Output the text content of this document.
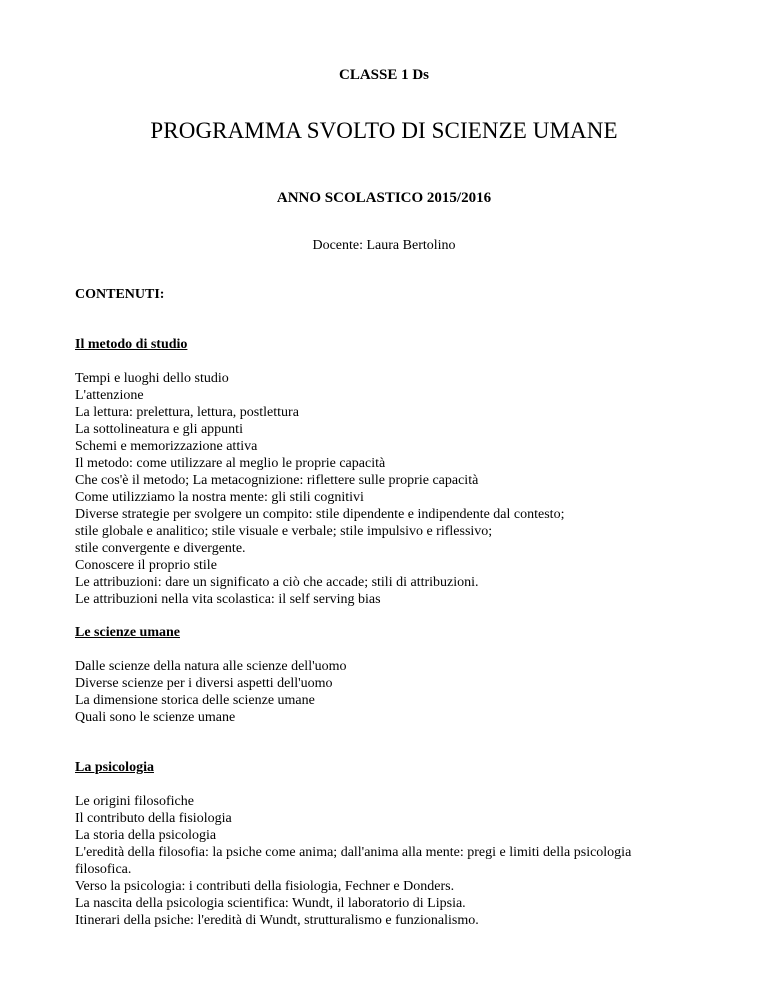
CLASSE 1 Ds
PROGRAMMA SVOLTO DI SCIENZE UMANE
ANNO SCOLASTICO 2015/2016
Docente: Laura Bertolino
CONTENUTI:
Il metodo di studio
Tempi e luoghi dello studio
L'attenzione
La lettura: prelettura, lettura, postlettura
La sottolineatura e gli appunti
Schemi e memorizzazione attiva
Il metodo: come utilizzare al meglio le proprie capacità
Che cos'è il metodo; La metacognizione: riflettere sulle proprie capacità
Come utilizziamo la nostra mente: gli stili cognitivi
Diverse strategie per svolgere un compito: stile dipendente e indipendente dal contesto;
stile globale e analitico; stile visuale e verbale; stile impulsivo e riflessivo;
stile convergente e divergente.
Conoscere il proprio stile
Le attribuzioni: dare un significato a ciò che accade; stili di attribuzioni.
Le attribuzioni nella vita scolastica: il self serving bias
Le scienze umane
Dalle scienze della natura alle scienze dell'uomo
Diverse scienze per i diversi aspetti dell'uomo
La dimensione storica delle scienze umane
Quali sono le scienze umane
La psicologia
Le origini filosofiche
Il contributo della fisiologia
La storia della psicologia
L'eredità della filosofia: la psiche come anima; dall'anima alla mente: pregi e limiti della psicologia
filosofica.
Verso la psicologia: i contributi della fisiologia, Fechner e Donders.
La nascita della psicologia scientifica: Wundt, il laboratorio di Lipsia.
Itinerari della psiche: l'eredità di Wundt, strutturalismo e funzionalismo.
